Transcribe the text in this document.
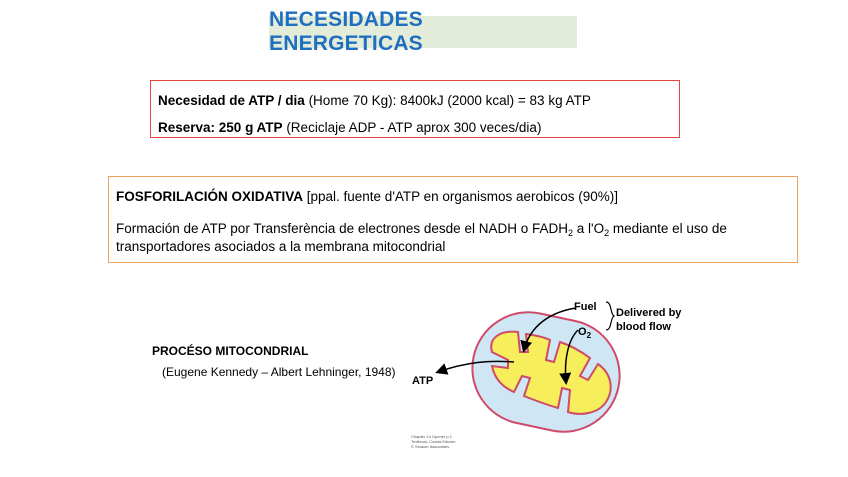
NECESIDADES ENERGETICAS
Necesidad de ATP / dia (Home 70 Kg): 8400kJ (2000 kcal) = 83 kg ATP
Reserva: 250 g ATP (Reciclaje ADP - ATP aprox 300 veces/dia)
FOSFORILACIÓN OXIDATIVA [ppal. fuente d'ATP en organismos aerobicos (90%)]
Formación de ATP por Transferència de electrones desde el NADH o $FADH_2$ a $l'O_2$ mediante el uso de transportadores asociados a la membrana mitocondrial
PROCÉSO MITOCONDRIAL
(Eugene Kennedy – Albert Lehninger, 1948)
Fuel
$O_2$
Delivered by
blood flow
ATP
Chapter 14 Opener p.1
Textbook, Cuarta Edición
© Sinauer Associates
